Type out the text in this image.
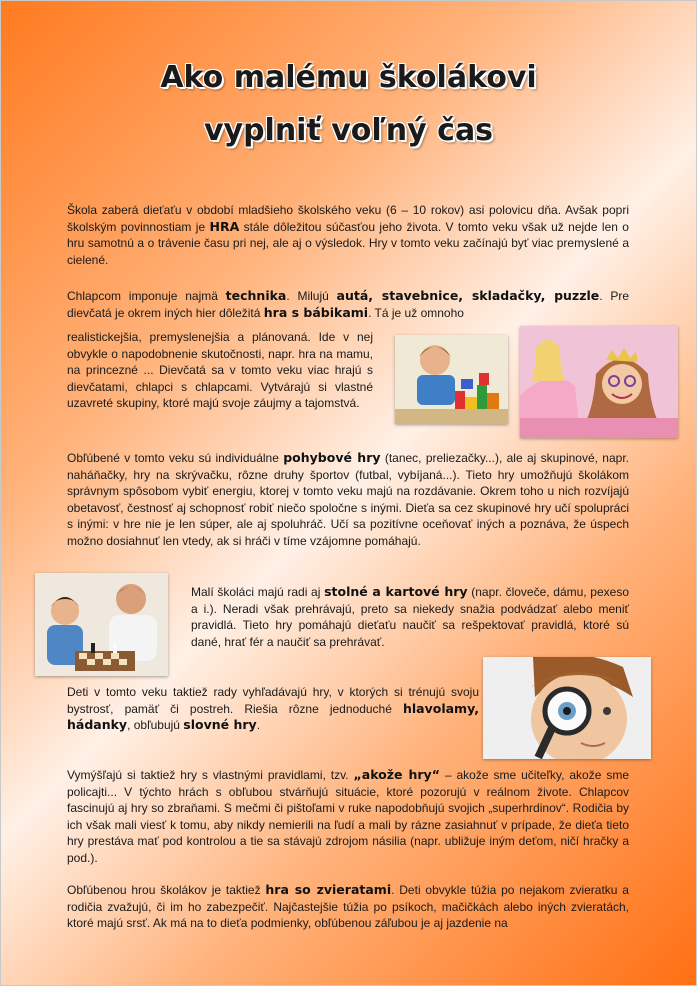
Ako malému školákovi
vyplniť voľný čas

Škola zaberá dieťaťu v období mladšieho školského veku (6 – 10 rokov) asi polovicu dňa. Avšak popri školským povinnostiam je HRA stále dôležitou súčasťou jeho života. V tomto veku však už nejde len o hru samotnú a o trávenie času pri nej, ale aj o výsledok. Hry v tomto veku začínajú byť viac premyslené a cielené.

Chlapcom imponuje najmä technika. Milujú autá, stavebnice, skladačky, puzzle. Pre dievčatá je okrem iných hier dôležitá hra s bábikami. Tá je už omnoho

realistickejšia, premyslenejšia a plánovaná. Ide v nej obvykle o napodobnenie skutočnosti, napr. hra na mamu, na princezné ... Dievčatá sa v tomto veku viac hrajú s dievčatami, chlapci s chlapcami. Vytvárajú si vlastné uzavreté skupiny, ktoré majú svoje záujmy a tajomstvá.

Obľúbené v tomto veku sú individuálne pohybové hry (tanec, preliezačky...), ale aj skupinové, napr. naháňačky, hry na skrývačku, rôzne druhy športov (futbal, vybíjaná...). Tieto hry umožňujú školákom správnym spôsobom vybiť energiu, ktorej v tomto veku majú na rozdávanie. Okrem toho u nich rozvíjajú obetavosť, čestnosť aj schopnosť robiť niečo spoločne s inými. Dieťa sa cez skupinové hry učí spolupráci s inými: v hre nie je len súper, ale aj spoluhráč. Učí sa pozitívne oceňovať iných a poznáva, že úspech možno dosiahnuť len vtedy, ak si hráči v tíme vzájomne pomáhajú.

Malí školáci majú radi aj stolné a kartové hry (napr. človeče, dámu, pexeso a i.). Neradi však prehrávajú, preto sa niekedy snažia podvádzať alebo meniť pravidlá. Tieto hry pomáhajú dieťaťu naučiť sa rešpektovať pravidlá, ktoré sú dané, hrať fér a naučiť sa prehrávať.

Deti v tomto veku taktiež rady vyhľadávajú hry, v ktorých si trénujú svoju bystrosť, pamäť či postreh. Riešia rôzne jednoduché hlavolamy, hádanky, obľubujú slovné hry.

Vymýšľajú si taktiež hry s vlastnými pravidlami, tzv. „akože hry“ – akože sme učiteľky, akože sme policajti... V týchto hrách s obľubou stvárňujú situácie, ktoré pozorujú v reálnom živote. Chlapcov fascinujú aj hry so zbraňami. S mečmi či pištoľami v ruke napodobňujú svojich „superhrdinov“. Rodičia by ich však mali viesť k tomu, aby nikdy nemierili na ľudí a mali by rázne zasiahnuť v prípade, že dieťa tieto hry prestáva mať pod kontrolou a tie sa stávajú zdrojom násilia (napr. ubližuje iným deťom, ničí hračky a pod.).

Obľúbenou hrou školákov je taktiež hra so zvieratami. Deti obvykle túžia po nejakom zvieratku a rodičia zvažujú, či im ho zabezpečiť. Najčastejšie túžia po psíkoch, mačičkách alebo iných zvieratách, ktoré majú srsť. Ak má na to dieťa podmienky, obľúbenou záľubou je aj jazdenie na
